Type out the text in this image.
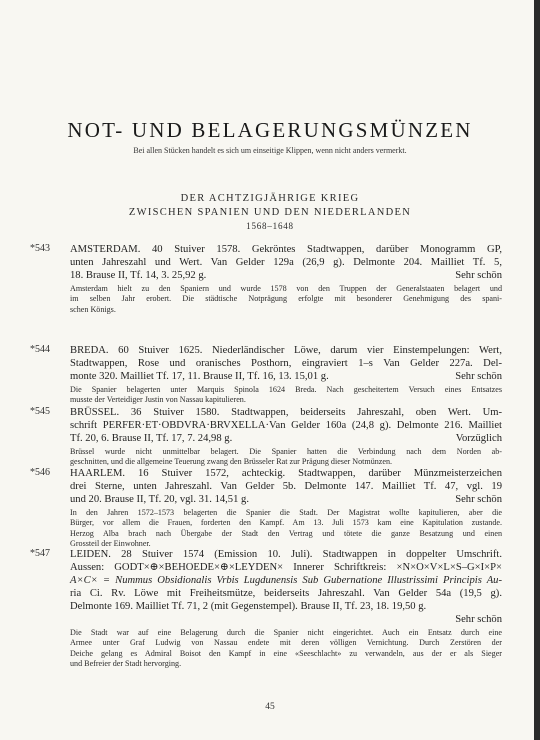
NOT- UND BELAGERUNGSMÜNZEN
Bei allen Stücken handelt es sich um einseitige Klippen, wenn nicht anders vermerkt.
DER ACHTZIGJÄHRIGE KRIEG
ZWISCHEN SPANIEN UND DEN NIEDERLANDEN
1568–1648
*543	AMSTERDAM. 40 Stuiver 1578. Gekröntes Stadtwappen, darüber Monogramm GP,
unten Jahreszahl und Wert. Van Gelder 129a (26,9 g). Delmonte 204. Mailliet Tf. 5,
18. Brause II, Tf. 14, 3. 25,92 g.	Sehr schön
Amsterdam hielt zu den Spaniern und wurde 1578 von den Truppen der Generalstaaten belagert und
im selben Jahr erobert. Die städtische Notprägung erfolgte mit besonderer Genehmigung des spani-
schen Königs.
*544	BREDA. 60 Stuiver 1625. Niederländischer Löwe, darum vier Einstempelungen: Wert,
Stadtwappen, Rose und oranisches Posthorn, eingraviert 1–s Van Gelder 227a. Del-
monte 320. Mailliet Tf. 17, 11. Brause II, Tf. 16, 13. 15,01 g.	Sehr schön
Die Spanier belagerten unter Marquis Spinola 1624 Breda. Nach gescheitertem Versuch eines Entsatzes
musste der Verteidiger Justin von Nassau kapitulieren.
*545	BRÜSSEL. 36 Stuiver 1580. Stadtwappen, beiderseits Jahreszahl, oben Wert. Um-
schrift PERFER·ET·OBDVRA·BRVXELLA·Van Gelder 160a (24,8 g). Delmonte 216. Mailliet
Tf. 20, 6. Brause II, Tf. 17, 7. 24,98 g.	Vorzüglich
Brüssel wurde nicht unmittelbar belagert. Die Spanier hatten die Verbindung nach dem Norden ab-
geschnitten, und die allgemeine Teuerung zwang den Brüsseler Rat zur Prägung dieser Notmünzen.
*546	HAARLEM. 16 Stuiver 1572, achteckig. Stadtwappen, darüber Münzmeisterzeichen
drei Sterne, unten Jahreszahl. Van Gelder 5b. Delmonte 147. Mailliet Tf. 47, vgl. 19
und 20. Brause II, Tf. 20, vgl. 31. 14,51 g.	Sehr schön
In den Jahren 1572–1573 belagerten die Spanier die Stadt. Der Magistrat wollte kapitulieren, aber die
Bürger, vor allem die Frauen, forderten den Kampf. Am 13. Juli 1573 kam eine Kapitulation zustande.
Herzog Alba brach nach Übergabe der Stadt den Vertrag und tötete die ganze Besatzung und einen
Grossteil der Einwohner.
*547	LEIDEN. 28 Stuiver 1574 (Emission 10. Juli). Stadtwappen in doppelter Umschrift.
Aussen: GODT×⊕×BEHOEDE×⊕×LEYDEN× Innerer Schriftkreis: ×N×O×V×L×S–G×I×P×
A×C× = Nummus Obsidionalis Vrbis Lugdunensis Sub Gubernatione Illustrissimi Principis Au-
ria Ci. Rv. Löwe mit Freiheitsmütze, beiderseits Jahreszahl. Van Gelder 54a (19,5 g).
Delmonte 169. Mailliet Tf. 71, 2 (mit Gegenstempel). Brause II, Tf. 23, 18. 19,50 g.
Sehr schön
Die Stadt war auf eine Belagerung durch die Spanier nicht eingerichtet. Auch ein Entsatz durch eine
Armee unter Graf Ludwig von Nassau endete mit deren völligen Vernichtung. Durch Zerstören der
Deiche gelang es Admiral Boisot den Kampf in eine «Seeschlacht» zu verwandeln, aus der er als Sieger
und Befreier der Stadt hervorging.
45
